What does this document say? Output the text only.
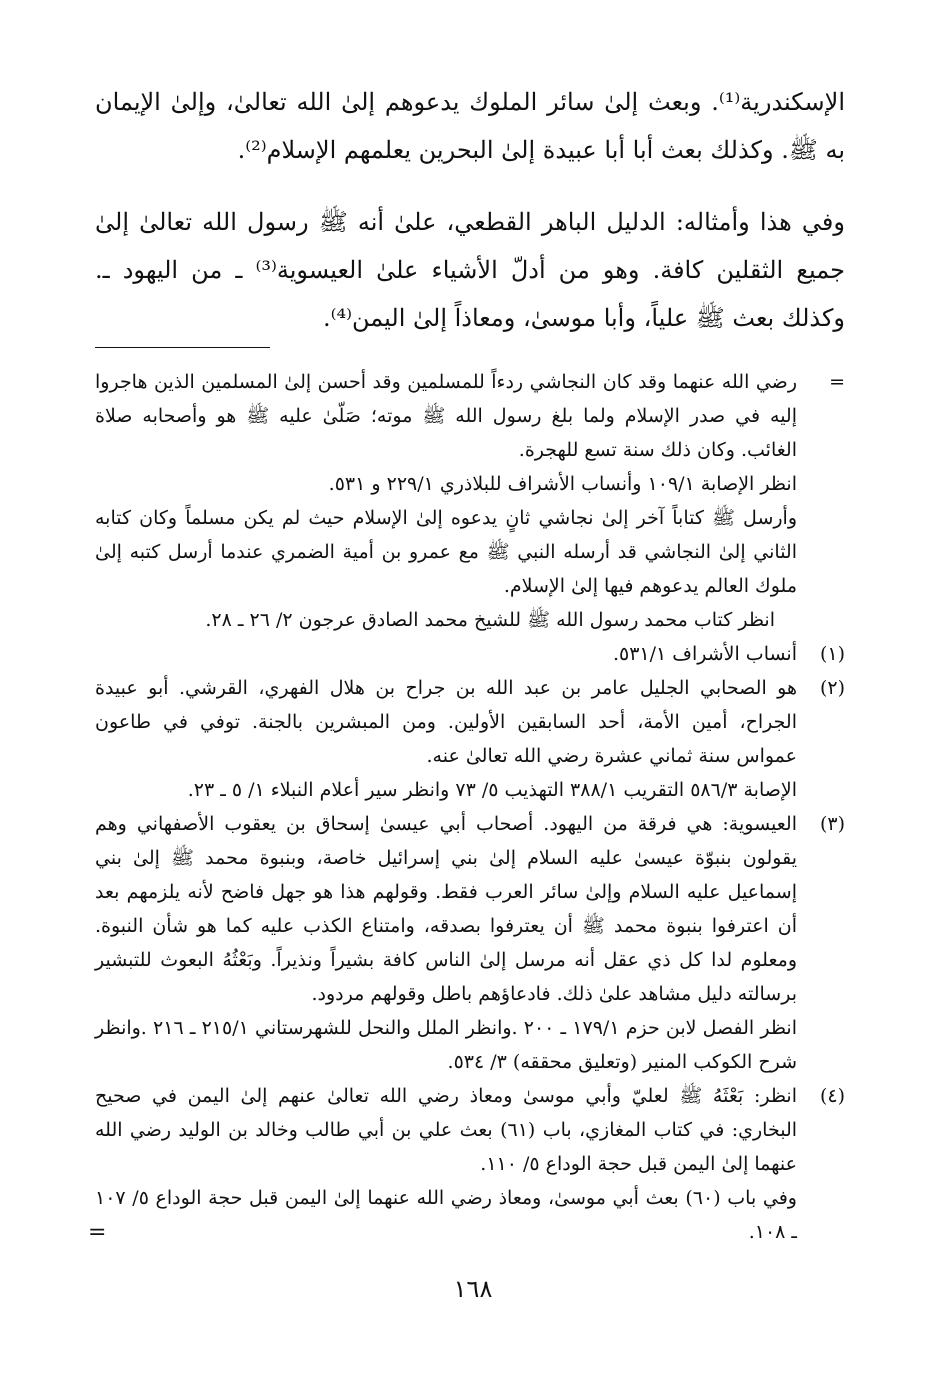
الإسكندرية⁽¹⁾. وبعث إلىٰ سائر الملوك يدعوهم إلىٰ الله تعالىٰ، وإلىٰ الإيمان به ﷺ. وكذلك بعث أبا أبا عبيدة إلىٰ البحرين يعلمهم الإسلام⁽²⁾.

وفي هذا وأمثاله: الدليل الباهر القطعي، علىٰ أنه ﷺ رسول الله تعالىٰ إلىٰ جميع الثقلين كافة. وهو من أدلّ الأشياء علىٰ العيسوية⁽³⁾ ـ من اليهود ـ. وكذلك بعث ﷺ علياً، وأبا موسىٰ، ومعاذاً إلىٰ اليمن⁽⁴⁾.

=
رضي الله عنهما وقد كان النجاشي ردءاً للمسلمين وقد أحسن إلىٰ المسلمين الذين هاجروا إليه في صدر الإسلام ولما بلغ رسول الله ﷺ موته؛ صَلّىٰ عليه ﷺ هو وأصحابه صلاة الغائب. وكان ذلك سنة تسع للهجرة.
انظر الإصابة ١٠٩/١ وأنساب الأشراف للبلاذري ٢٢٩/١ و ٥٣١.
وأرسل ﷺ كتاباً آخر إلىٰ نجاشي ثانٍ يدعوه إلىٰ الإسلام حيث لم يكن مسلماً وكان كتابه الثاني إلىٰ النجاشي قد أرسله النبي ﷺ مع عمرو بن أمية الضمري عندما أرسل كتبه إلىٰ ملوك العالم يدعوهم فيها إلىٰ الإسلام.
انظر كتاب محمد رسول الله ﷺ للشيخ محمد الصادق عرجون ٢/ ٢٦ ـ ٢٨.
(١)
أنساب الأشراف ٥٣١/١.
(٢)
هو الصحابي الجليل عامر بن عبد الله بن جراح بن هلال الفهري، القرشي. أبو عبيدة الجراح، أمين الأمة، أحد السابقين الأولين. ومن المبشرين بالجنة. توفي في طاعون عمواس سنة ثماني عشرة رضي الله تعالىٰ عنه.
الإصابة ٥٨٦/٣ التقريب ٣٨٨/١ التهذيب ٥/ ٧٣ وانظر سير أعلام النبلاء ١/ ٥ ـ ٢٣.
(٣)
العيسوية: هي فرقة من اليهود. أصحاب أبي عيسىٰ إسحاق بن يعقوب الأصفهاني وهم يقولون بنبوّة عيسىٰ عليه السلام إلىٰ بني إسرائيل خاصة، وبنبوة محمد ﷺ إلىٰ بني إسماعيل عليه السلام وإلىٰ سائر العرب فقط. وقولهم هذا هو جهل فاضح لأنه يلزمهم بعد أن اعترفوا بنبوة محمد ﷺ أن يعترفوا بصدقه، وامتناع الكذب عليه كما هو شأن النبوة. ومعلوم لدا كل ذي عقل أنه مرسل إلىٰ الناس كافة بشيراً ونذيراً. وبَعْثُهُ البعوث للتبشير برسالته دليل مشاهد علىٰ ذلك. فادعاؤهم باطل وقولهم مردود.
انظر الفصل لابن حزم ١٧٩/١ ـ ٢٠٠ .وانظر الملل والنحل للشهرستاني ٢١٥/١ ـ ٢١٦ .وانظر شرح الكوكب المنير (وتعليق محققه) ٣/ ٥٣٤.
(٤)
انظر: بَعْثَهُ ﷺ لعليّ وأبي موسىٰ ومعاذ رضي الله تعالىٰ عنهم إلىٰ اليمن في صحيح البخاري: في كتاب المغازي، باب (٦١) بعث علي بن أبي طالب وخالد بن الوليد رضي الله عنهما إلىٰ اليمن قبل حجة الوداع ٥/ ١١٠.
وفي باب (٦٠) بعث أبي موسىٰ، ومعاذ رضي الله عنهما إلىٰ اليمن قبل حجة الوداع ٥/ ١٠٧ ـ ١٠٨.
=
١٦٨
